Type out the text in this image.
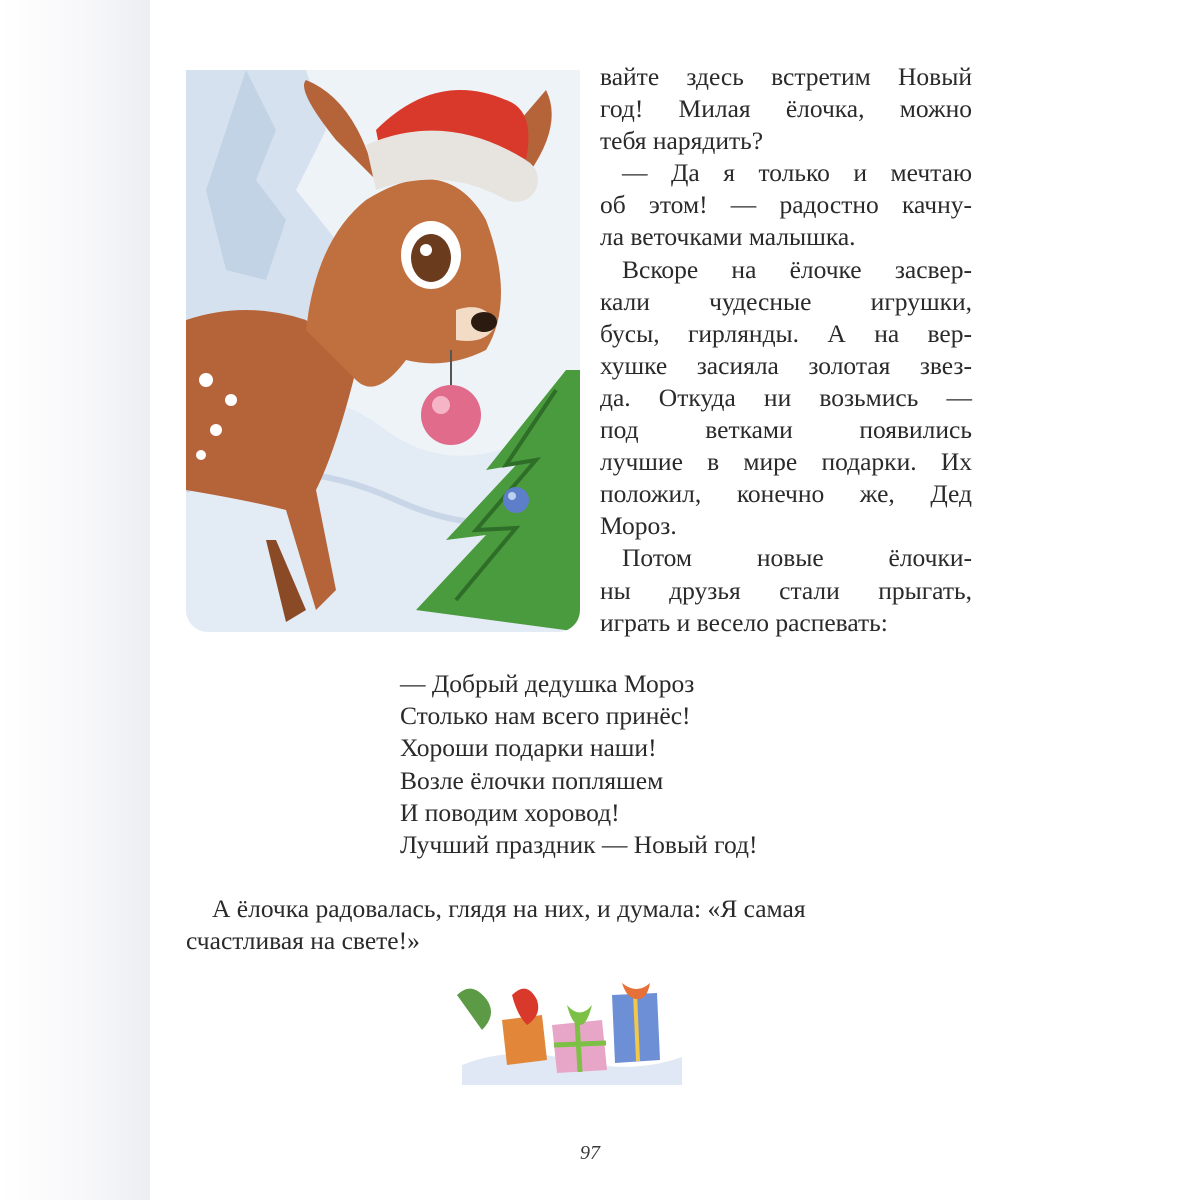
вайте здесь встретим Новый
год! Милая ёлочка, можно
тебя нарядить?

— Да я только и мечтаю
об этом! — радостно качну-
ла веточками малышка.

Вскоре на ёлочке засвер-
кали чудесные игрушки,
бусы, гирлянды. А на вер-
хушке засияла золотая звез-
да. Откуда ни возьмись —
под ветками появились
лучшие в мире подарки. Их
положил, конечно же, Дед
Мороз.

Потом новые ёлочки-
ны друзья стали прыгать,
играть и весело распевать:

— Добрый дедушка Мороз
Столько нам всего принёс!
Хороши подарки наши!
Возле ёлочки попляшем
И поводим хоровод!
Лучший праздник — Новый год!
А ёлочка радовалась, глядя на них, и думала: «Я самая
счастливая на свете!»
97
